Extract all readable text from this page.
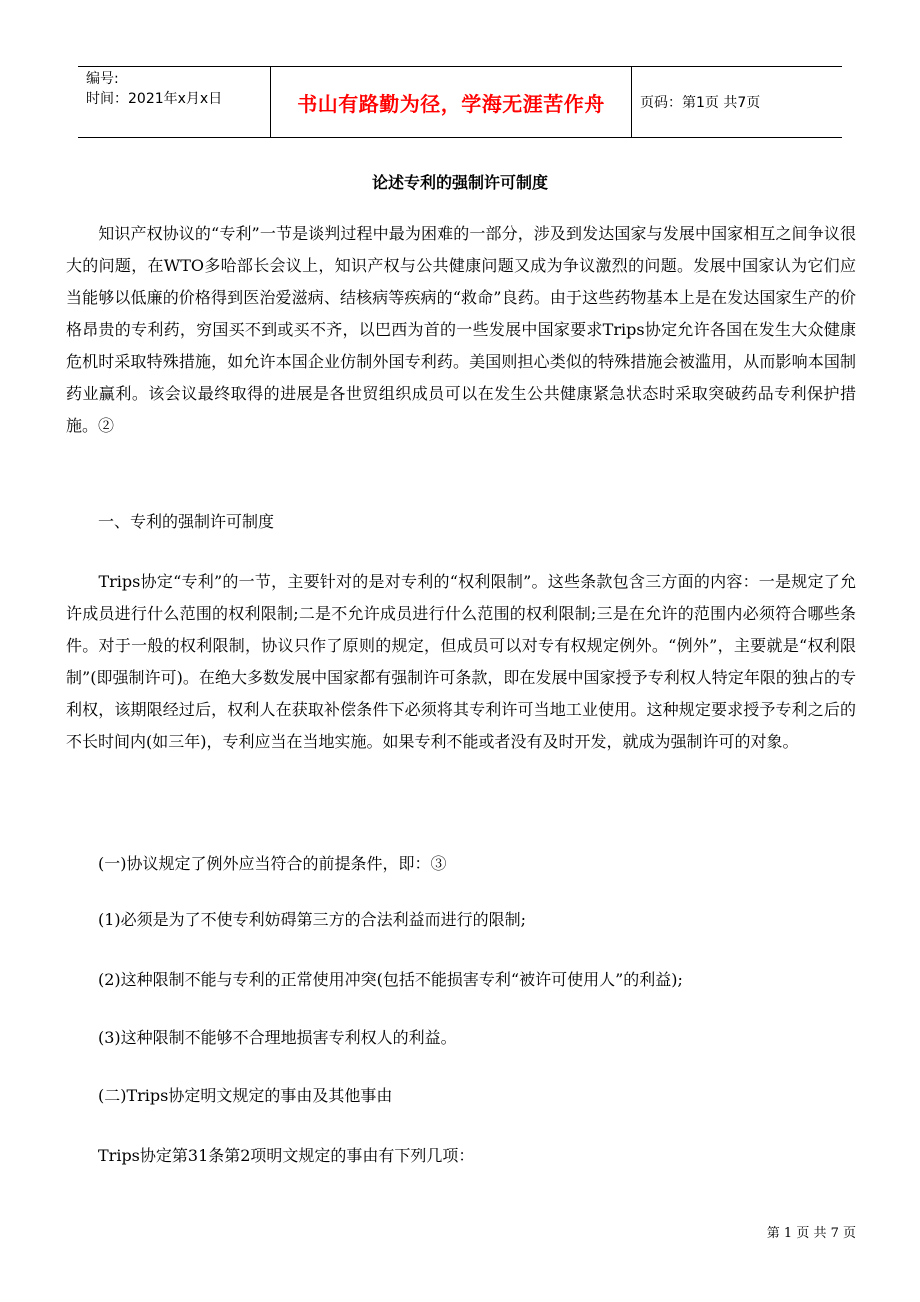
编号:
时间：2021年x月x日	书山有路勤为径，学海无涯苦作舟	页码：第1页 共7页
论述专利的强制许可制度

　　知识产权协议的“专利”一节是谈判过程中最为困难的一部分，涉及到发达国家与发展中国家相互之间争议很大的问题，在WTO多哈部长会议上，知识产权与公共健康问题又成为争议激烈的问题。发展中国家认为它们应当能够以低廉的价格得到医治爱滋病、结核病等疾病的“救命”良药。由于这些药物基本上是在发达国家生产的价格昂贵的专利药，穷国买不到或买不齐，以巴西为首的一些发展中国家要求Trips协定允许各国在发生大众健康危机时采取特殊措施，如允许本国企业仿制外国专利药。美国则担心类似的特殊措施会被滥用，从而影响本国制药业赢利。该会议最终取得的进展是各世贸组织成员可以在发生公共健康紧急状态时采取突破药品专利保护措施。②

　　一、专利的强制许可制度

　　Trips协定“专利”的一节，主要针对的是对专利的“权利限制”。这些条款包含三方面的内容：一是规定了允许成员进行什么范围的权利限制;二是不允许成员进行什么范围的权利限制;三是在允许的范围内必须符合哪些条件。对于一般的权利限制，协议只作了原则的规定，但成员可以对专有权规定例外。“例外”，主要就是“权利限制”(即强制许可)。在绝大多数发展中国家都有强制许可条款，即在发展中国家授予专利权人特定年限的独占的专利权，该期限经过后，权利人在获取补偿条件下必须将其专利许可当地工业使用。这种规定要求授予专利之后的不长时间内(如三年)，专利应当在当地实施。如果专利不能或者没有及时开发，就成为强制许可的对象。

　　(一)协议规定了例外应当符合的前提条件，即：③

　　(1)必须是为了不使专利妨碍第三方的合法利益而进行的限制;

　　(2)这种限制不能与专利的正常使用冲突(包括不能损害专利“被许可使用人”的利益);

　　(3)这种限制不能够不合理地损害专利权人的利益。

　　(二)Trips协定明文规定的事由及其他事由

　　Trips协定第31条第2项明文规定的事由有下列几项：

第 1 页 共 7 页
